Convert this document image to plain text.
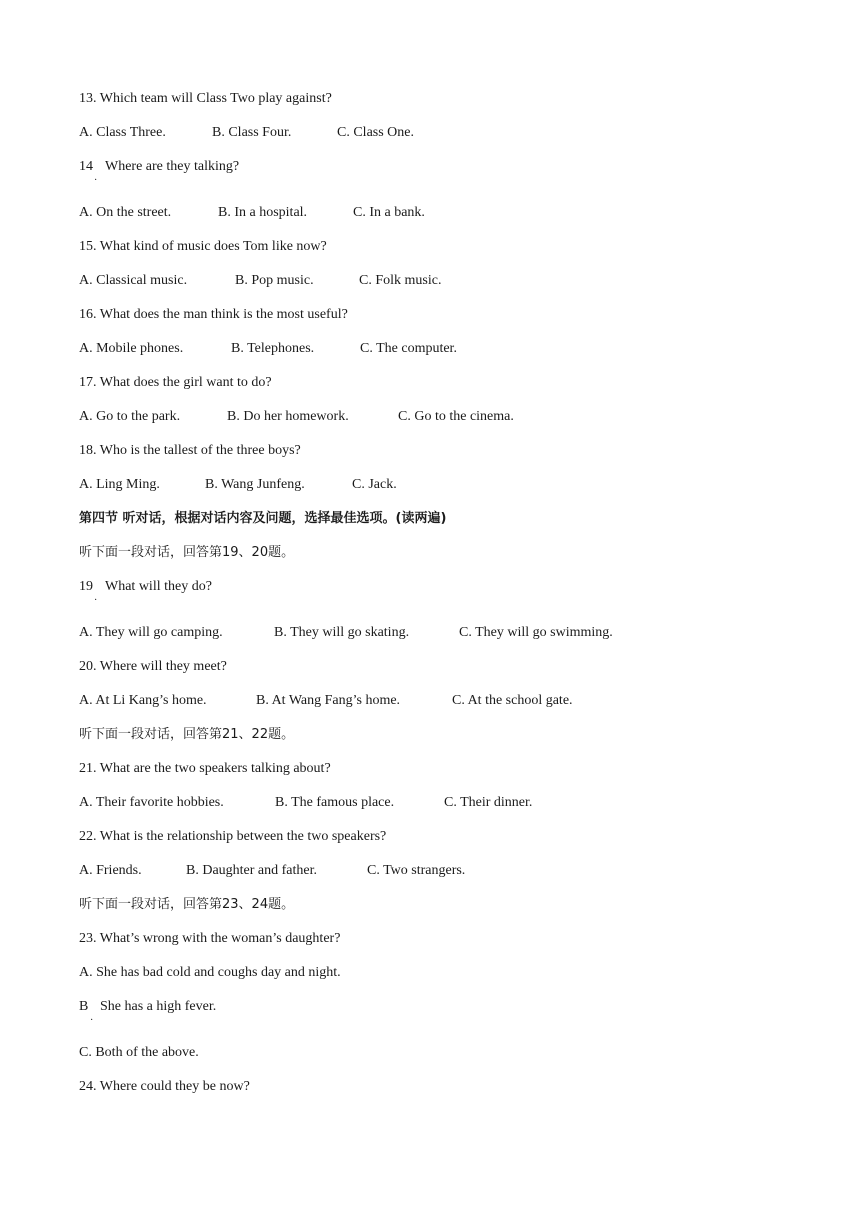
13. Which team will Class Two play against?
A. Class Three.	B. Class Four.	C. Class One.
14 Where are they talking?
·
A. On the street.	B. In a hospital.	C. In a bank.
15. What kind of music does Tom like now?
A. Classical music.	B. Pop music.	C. Folk music.
16. What does the man think is the most useful?
A. Mobile phones.	B. Telephones.	C. The computer.
17. What does the girl want to do?
A. Go to the park.	B. Do her homework.	C. Go to the cinema.
18. Who is the tallest of the three boys?
A. Ling Ming.	B. Wang Junfeng.	C. Jack.
第四节 听对话，根据对话内容及问题，选择最佳选项。(读两遍)
听下面一段对话，回答第19、20题。
19 What will they do?
·
A. They will go camping.	B. They will go skating.	C. They will go swimming.
20. Where will they meet?
A. At Li Kang’s home.	B. At Wang Fang’s home.	C. At the school gate.
听下面一段对话，回答第21、22题。
21. What are the two speakers talking about?
A. Their favorite hobbies.	B. The famous place.	C. Their dinner.
22. What is the relationship between the two speakers?
A. Friends.	B. Daughter and father.	C. Two strangers.
听下面一段对话，回答第23、24题。
23. What’s wrong with the woman’s daughter?
A. She has bad cold and coughs day and night.
B She has a high fever.
·
C. Both of the above.
24. Where could they be now?
